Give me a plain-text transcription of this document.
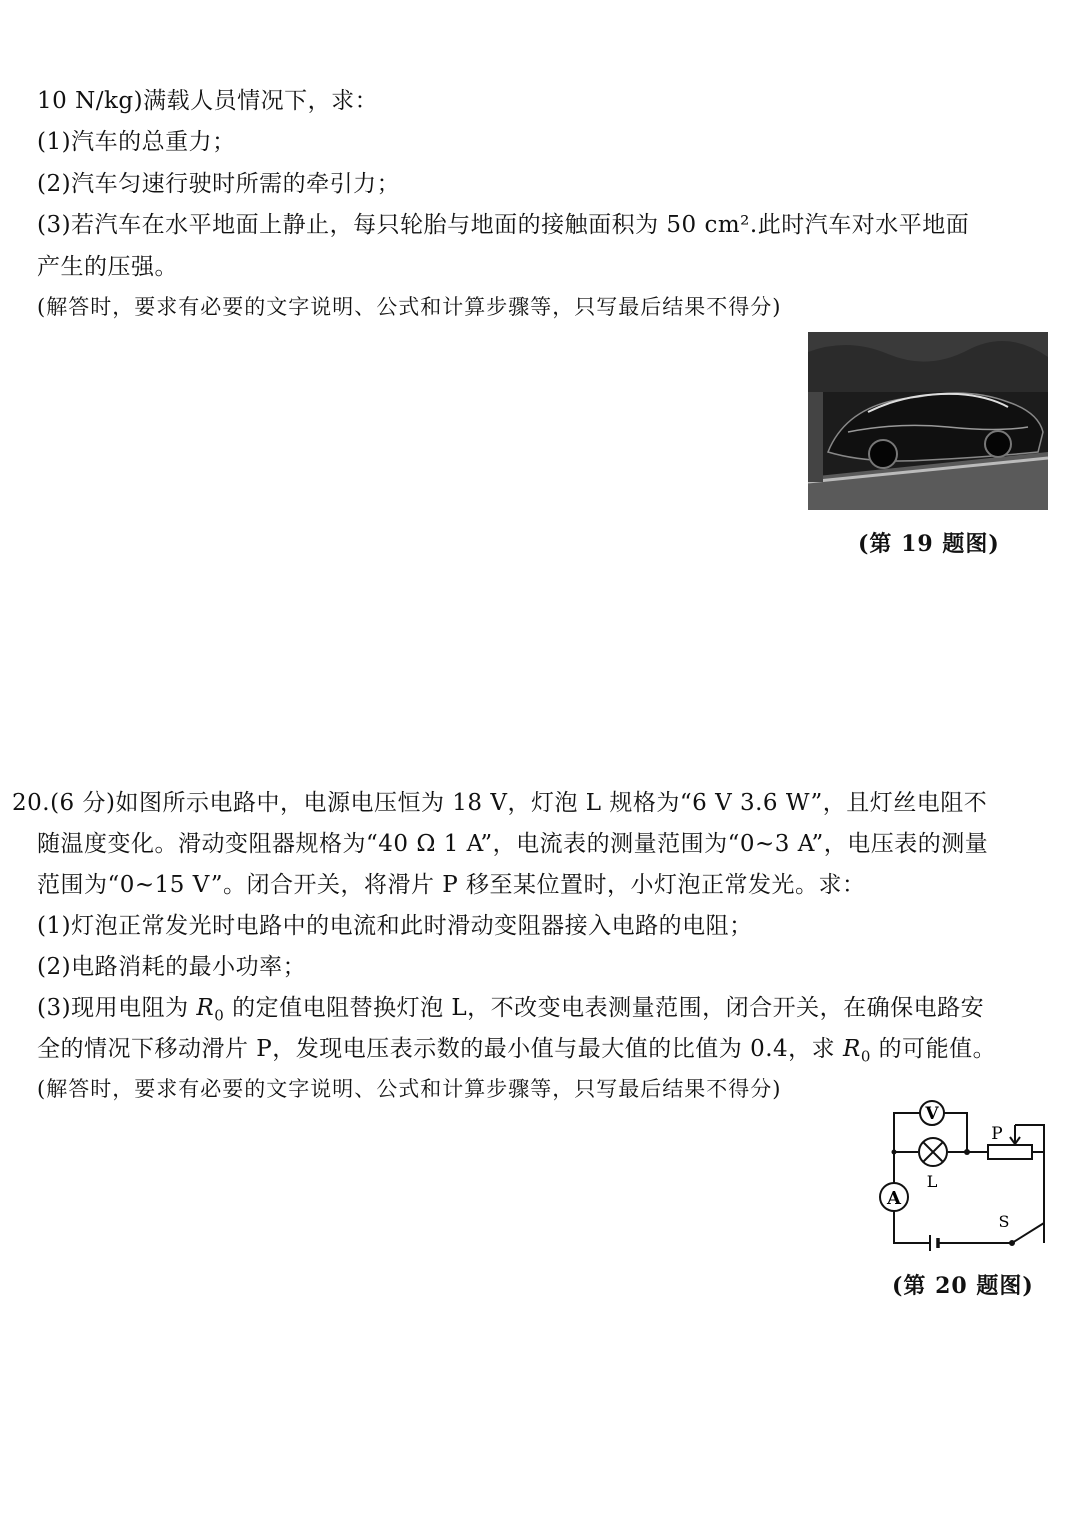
10 N/kg)满载人员情况下，求：
(1)汽车的总重力；
(2)汽车匀速行驶时所需的牵引力；
(3)若汽车在水平地面上静止，每只轮胎与地面的接触面积为 50 cm².此时汽车对水平地面
产生的压强。
(解答时，要求有必要的文字说明、公式和计算步骤等，只写最后结果不得分)
(第 19 题图)
20.(6 分)如图所示电路中，电源电压恒为 18 V，灯泡 L 规格为“6 V 3.6 W”，且灯丝电阻不
随温度变化。滑动变阻器规格为“40 Ω 1 A”，电流表的测量范围为“0~3 A”，电压表的测量
范围为“0~15 V”。闭合开关，将滑片 P 移至某位置时，小灯泡正常发光。求：
(1)灯泡正常发光时电路中的电流和此时滑动变阻器接入电路的电阻；
(2)电路消耗的最小功率；
(3)现用电阻为 $R_0$ 的定值电阻替换灯泡 L，不改变电表测量范围，闭合开关，在确保电路安
全的情况下移动滑片 P，发现电压表示数的最小值与最大值的比值为 0.4，求 $R_0$ 的可能值。
(解答时，要求有必要的文字说明、公式和计算步骤等，只写最后结果不得分)
V
L
A
P
S
(第 20 题图)
